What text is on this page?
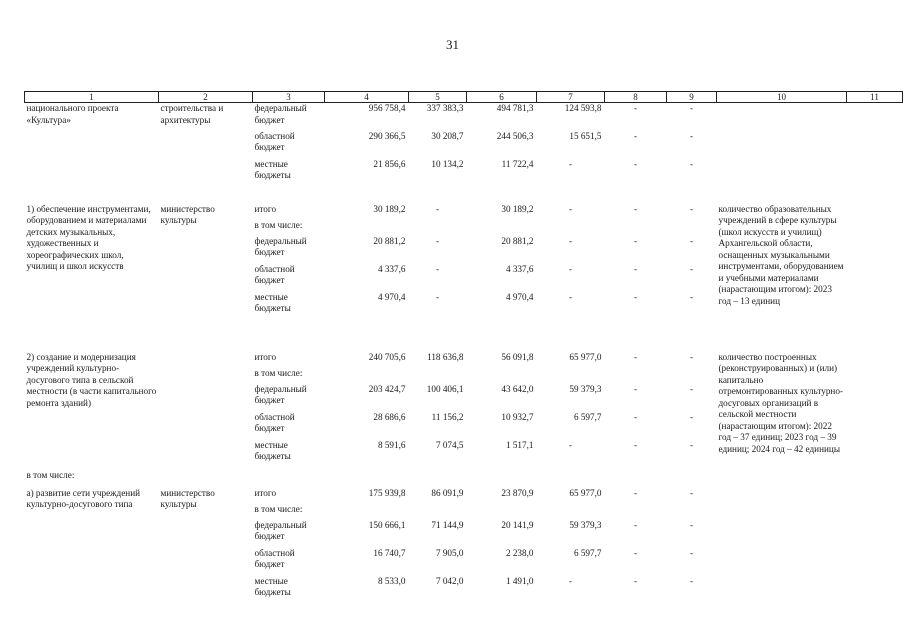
31
1	2	3	4	5	6	7	8	9	10	11
национального проекта «Культура»	строительства и архитектуры	федеральный бюджет	956 758,4	337 383,3	494 781,3	124 593,8	-	-		
		областной бюджет	290 366,5	30 208,7	244 506,3	15 651,5	-	-		
		местные бюджеты	21 856,6	10 134,2	11 722,4	-	-	-		

1) обеспечение инструментами, оборудованием и материалами детских музыкальных, художественных и хореографических школ, училищ и школ искусств	министерство культуры	итого	30 189,2	-	30 189,2	-	-	-	количество образовательных учреждений в сфере культуры (школ искусств и училищ) Архангельской области, оснащенных музыкальными инструментами, оборудованием и учебными материалами (нарастающим итогом): 2023 год – 13 единиц	
		в том числе:								
		федеральный бюджет	20 881,2	-	20 881,2	-	-	-		
		областной бюджет	4 337,6	-	4 337,6	-	-	-		
		местные бюджеты	4 970,4	-	4 970,4	-	-	-		

2) создание и модернизация учреждений культурно-досугового типа в сельской местности (в части капитального ремонта зданий)		итого	240 705,6	118 636,8	56 091,8	65 977,0	-	-	количество построенных (реконструированных) и (или) капитально отремонтированных культурно-досуговых организаций в сельской местности (нарастающим итогом): 2022 год – 37 единиц; 2023 год – 39 единиц; 2024 год – 42 единицы	
		в том числе:								
		федеральный бюджет	203 424,7	100 406,1	43 642,0	59 379,3	-	-		
		областной бюджет	28 686,6	11 156,2	10 932,7	6 597,7	-	-		
		местные бюджеты	8 591,6	7 074,5	1 517,1	-	-	-		
в том числе:										

а) развитие сети учреждений культурно-досугового типа	министерство культуры	итого	175 939,8	86 091,9	23 870,9	65 977,0	-	-		
		в том числе:								
		федеральный бюджет	150 666,1	71 144,9	20 141,9	59 379,3	-	-		
		областной бюджет	16 740,7	7 905,0	2 238,0	6 597,7	-	-		
		местные бюджеты	8 533,0	7 042,0	1 491,0	-	-	-		
